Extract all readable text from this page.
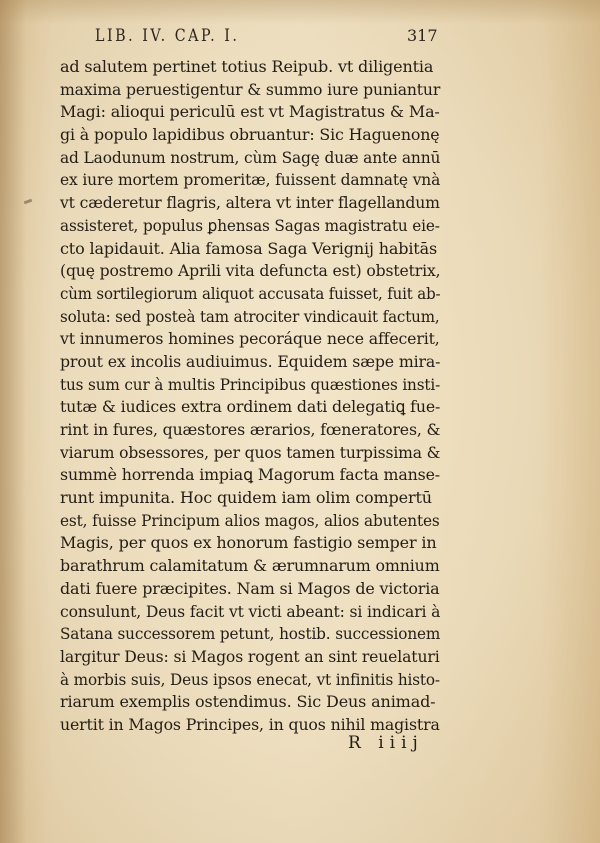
LIB. IV. CAP. I.	317
ad salutem pertinet totius Reipub. vt diligentia
maxima peruestigentur & summo iure puniantur
Magi: alioqui periculū est vt Magistratus & Ma-
gi à populo lapidibus obruantur: Sic Haguenonę
ad Laodunum nostrum, cùm Sagę duæ ante annū
ex iure mortem promeritæ, fuissent damnatę vnà
vt cæderetur flagris, altera vt inter flagellandum
assisteret, populus ꝑhensas Sagas magistratu eie-
cto lapidauit. Alia famosa Saga Verignij habitās
(quę postremo Aprili vita defuncta est) obstetrix,
cùm sortilegiorum aliquot accusata fuisset, fuit ab-
soluta: sed posteà tam atrociter vindicauit factum,
vt innumeros homines pecoráque nece affecerit,
prout ex incolis audiuimus. Equidem sæpe mira-
tus sum cur à multis Principibus quæstiones insti-
tutæ & iudices extra ordinem dati delegatiꝗ fue-
rint in fures, quæstores ærarios, fœneratores, &
viarum obsessores, per quos tamen turpissima &
summè horrenda impiaꝗ Magorum facta manse-
runt impunita. Hoc quidem iam olim compertū
est, fuisse Principum alios magos, alios abutentes
Magis, per quos ex honorum fastigio semper in
barathrum calamitatum & ærumnarum omnium
dati fuere præcipites. Nam si Magos de victoria
consulunt, Deus facit vt victi abeant: si indicari à
Satana successorem petunt, hostib. successionem
largitur Deus: si Magos rogent an sint reuelaturi
à morbis suis, Deus ipsos enecat, vt infinitis histo-
riarum exemplis ostendimus. Sic Deus animad-
uertit in Magos Principes, in quos nihil magistra
R iiij
